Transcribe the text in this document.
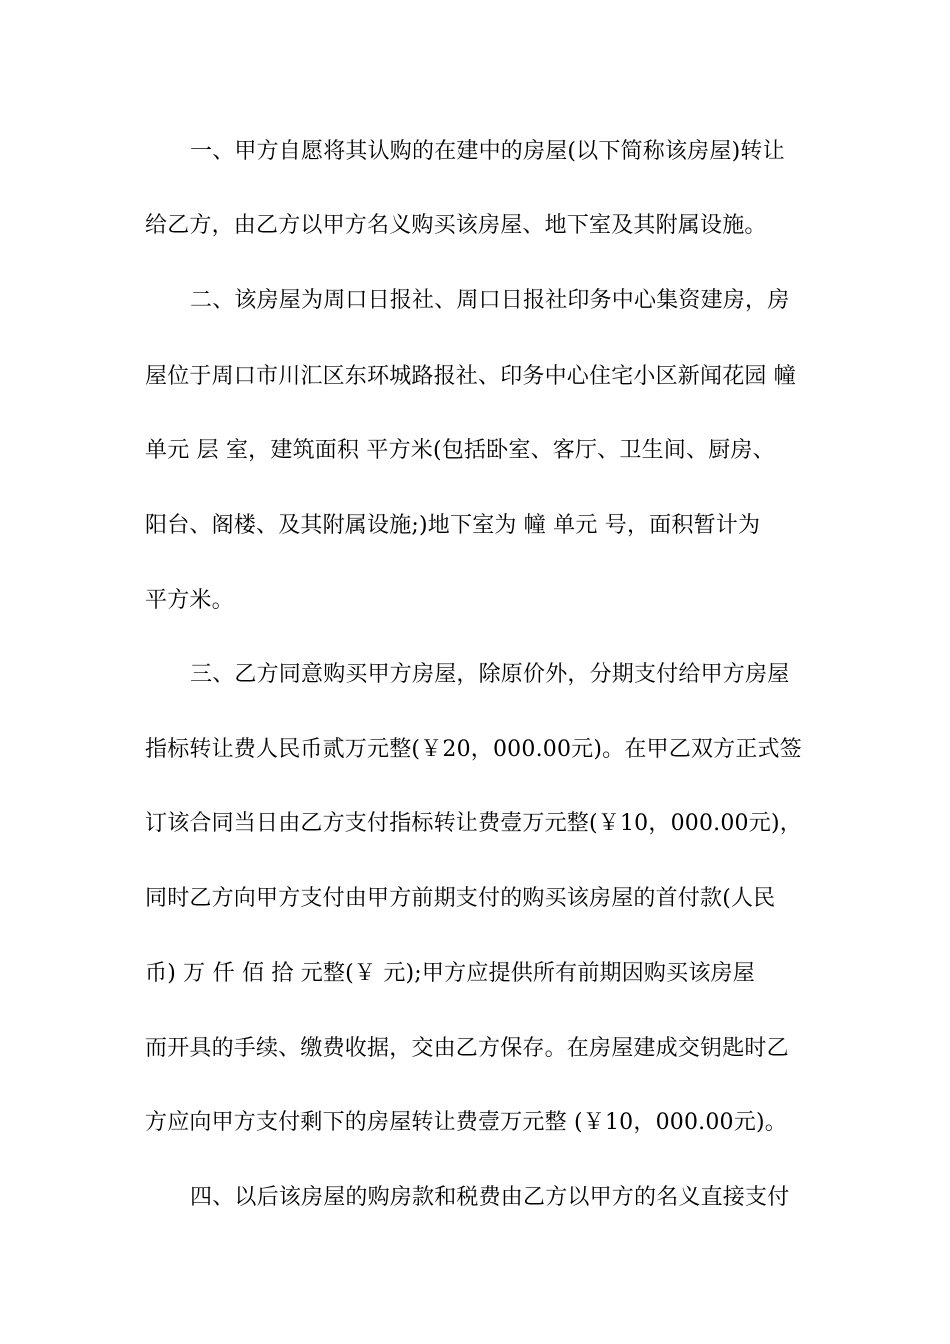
一、甲方自愿将其认购的在建中的房屋(以下简称该房屋)转让

给乙方，由乙方以甲方名义购买该房屋、地下室及其附属设施。

二、该房屋为周口日报社、周口日报社印务中心集资建房，房

屋位于周口市川汇区东环城路报社、印务中心住宅小区新闻花园 幢

单元 层 室，建筑面积 平方米(包括卧室、客厅、卫生间、厨房、

阳台、阁楼、及其附属设施;)地下室为 幢 单元 号，面积暂计为

平方米。

三、乙方同意购买甲方房屋，除原价外，分期支付给甲方房屋

指标转让费人民币贰万元整(￥20，000.00元)。在甲乙双方正式签

订该合同当日由乙方支付指标转让费壹万元整(￥10，000.00元)，

同时乙方向甲方支付由甲方前期支付的购买该房屋的首付款(人民

币) 万 仟 佰 拾 元整(￥ 元);甲方应提供所有前期因购买该房屋

而开具的手续、缴费收据，交由乙方保存。在房屋建成交钥匙时乙

方应向甲方支付剩下的房屋转让费壹万元整 (￥10，000.00元)。

四、以后该房屋的购房款和税费由乙方以甲方的名义直接支付
